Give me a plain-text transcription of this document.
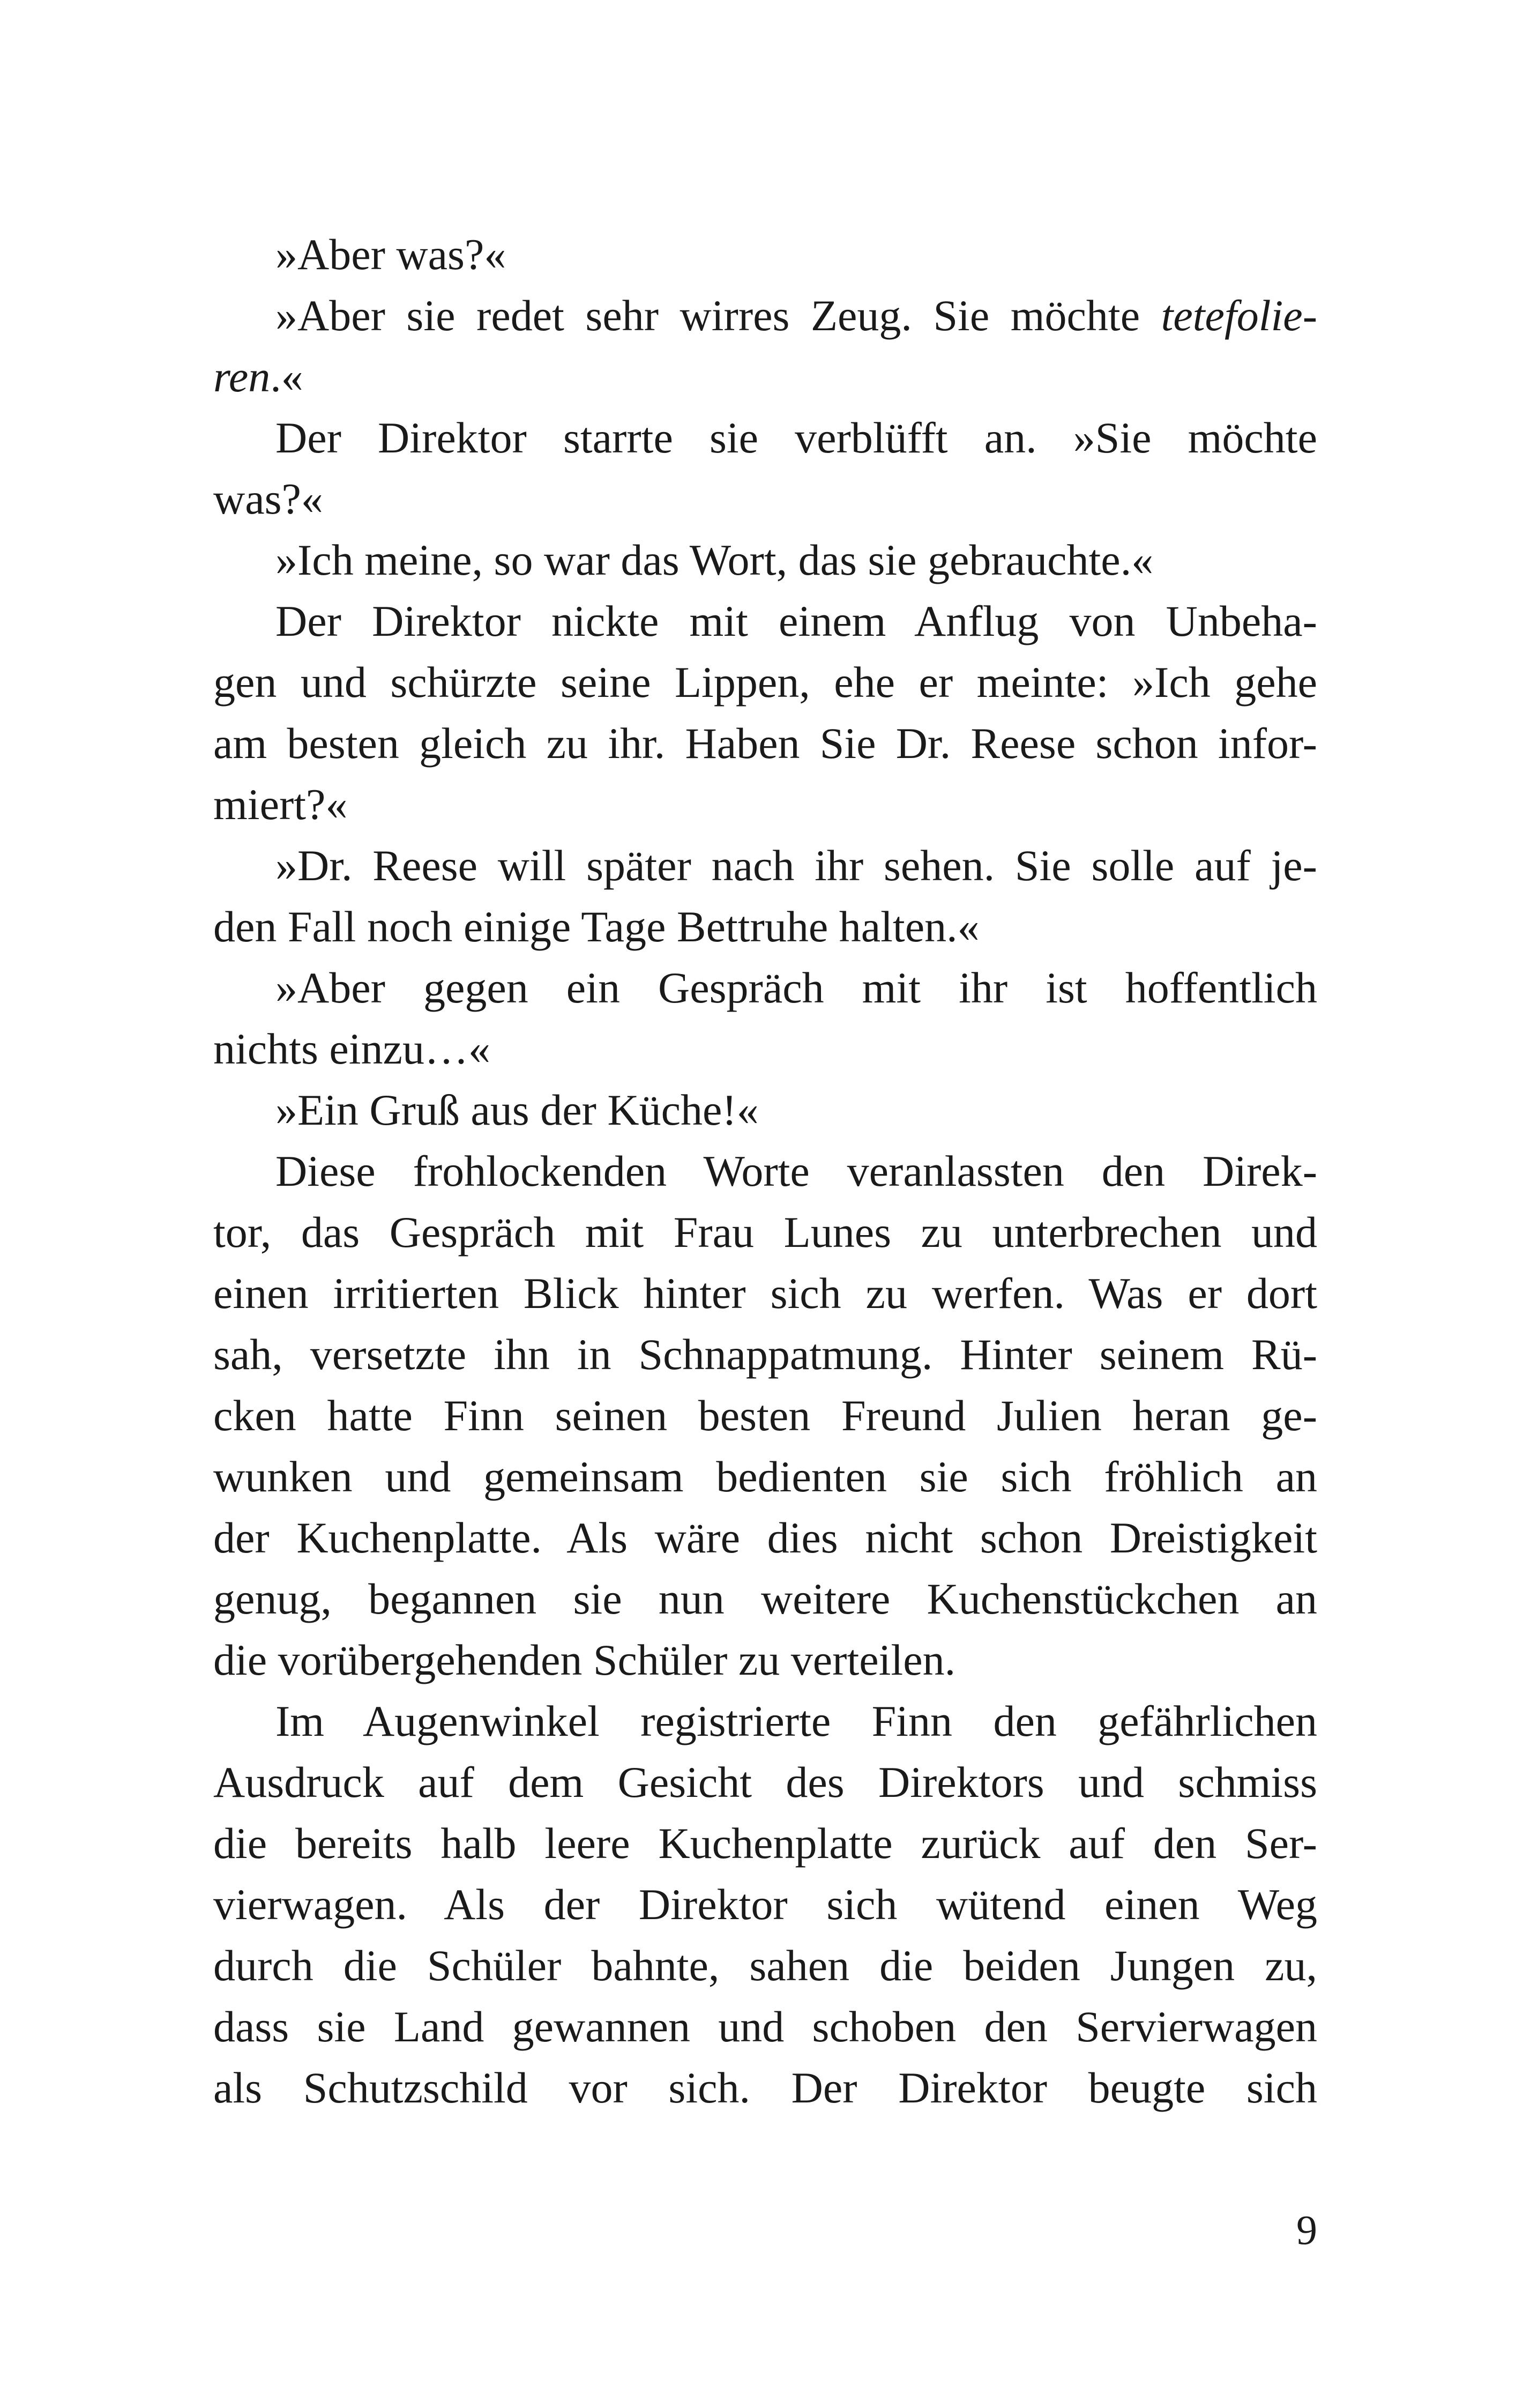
»Aber was?«
»Aber sie redet sehr wirres Zeug. Sie möchte tetefolie-
ren.«
Der Direktor starrte sie verblüfft an. »Sie möchte
was?«
»Ich meine, so war das Wort, das sie gebrauchte.«
Der Direktor nickte mit einem Anflug von Unbeha-
gen und schürzte seine Lippen, ehe er meinte: »Ich gehe
am besten gleich zu ihr. Haben Sie Dr. Reese schon infor-
miert?«
»Dr. Reese will später nach ihr sehen. Sie solle auf je-
den Fall noch einige Tage Bettruhe halten.«
»Aber gegen ein Gespräch mit ihr ist hoffentlich
nichts einzu…«
»Ein Gruß aus der Küche!«
Diese frohlockenden Worte veranlassten den Direk-
tor, das Gespräch mit Frau Lunes zu unterbrechen und
einen irritierten Blick hinter sich zu werfen. Was er dort
sah, versetzte ihn in Schnappatmung. Hinter seinem Rü-
cken hatte Finn seinen besten Freund Julien heran ge-
wunken und gemeinsam bedienten sie sich fröhlich an
der Kuchenplatte. Als wäre dies nicht schon Dreistigkeit
genug, begannen sie nun weitere Kuchenstückchen an
die vorübergehenden Schüler zu verteilen.
Im Augenwinkel registrierte Finn den gefährlichen
Ausdruck auf dem Gesicht des Direktors und schmiss
die bereits halb leere Kuchenplatte zurück auf den Ser-
vierwagen. Als der Direktor sich wütend einen Weg
durch die Schüler bahnte, sahen die beiden Jungen zu,
dass sie Land gewannen und schoben den Servierwagen
als Schutzschild vor sich. Der Direktor beugte sich
9
